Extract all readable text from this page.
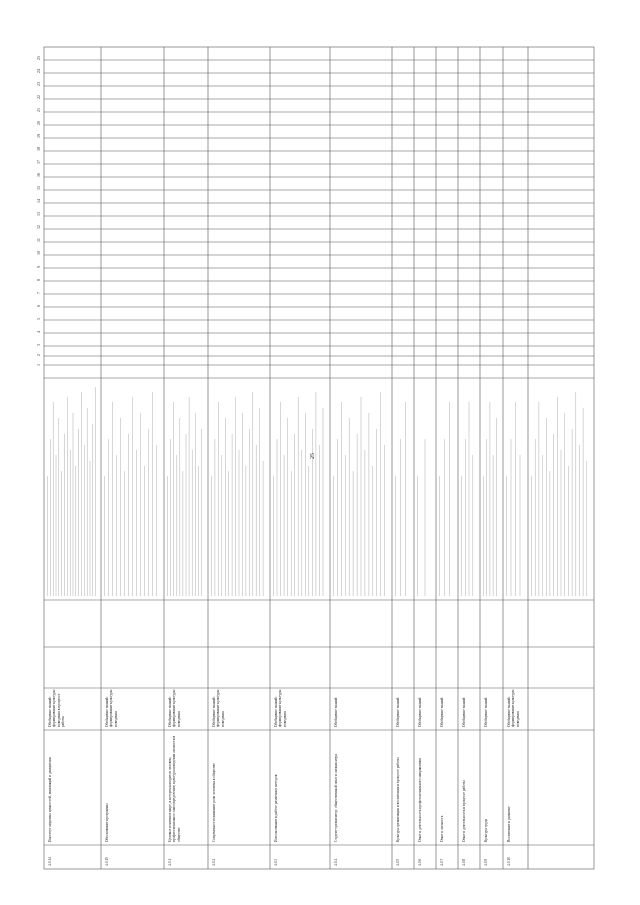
25
24
23
22
21
20
19
18
17
16
15
14
13
12
11
10
9
8
7
6
5
4
3
2
1
25
4.0.14
Институт мировых ценностей, инноваций и дисциплин
Обобщение знаний: формирование культуры поведения в процессе работы
4.0.15
Обоснование программы
Обобщение знаний: формирование культуры поведения
4.0.1
Целевые понятия в мире, в котором находится человек; профессиональное самоопределение; культура поведения личности в обществе
Обобщение знаний: формирование культуры поведения
4.0.2
Современное понимание роли человека в обществе
Обобщение знаний: формирование культуры поведения
4.0.3
Использование в работе различных методов
Обобщение знаний: формирование культуры поведения
4.0.4
Студент-организатор: общественный опыт и личная мера
Обобщение знаний
4.0.5
Культура организации и воспитания в процессе работы
Обобщение знаний
4.0.6
Опыт и деятельность профессионального направления
Обобщение знаний
4.0.7
Опыт и личность
Обобщение знаний
4.0.8
Опыт и деятельность в процессе работы
Обобщение знаний
4.0.9
Культура труда
Обобщение знаний
4.0.10
Воспитание и развитие
Обобщение знаний: формирование культуры поведения
